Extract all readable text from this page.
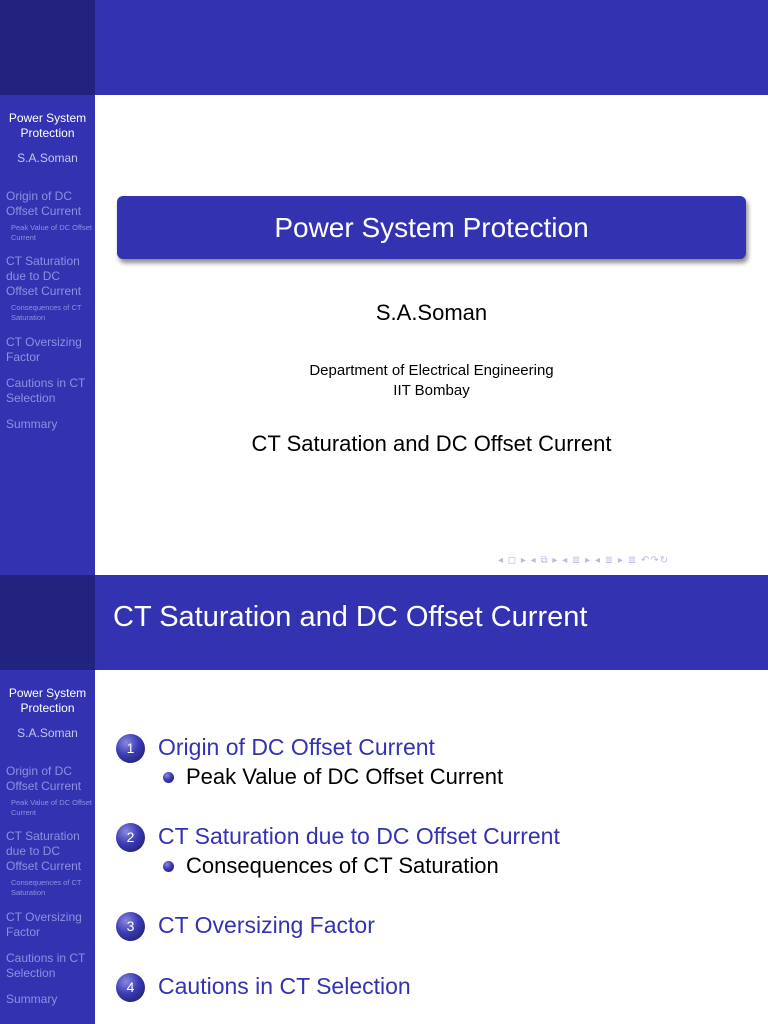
Power System Protection
S.A.Soman
Origin of DC Offset Current
Peak Value of DC Offset Current
CT Saturation due to DC Offset Current
Consequences of CT Saturation
CT Oversizing Factor
Cautions in CT Selection
Summary
Power System Protection
S.A.Soman
Department of Electrical Engineering
IIT Bombay
CT Saturation and DC Offset Current
◂ ◻ ▸ ◂ ⧉ ▸ ◂ ≣ ▸ ◂ ≣ ▸ ≣ ↶↷↻
CT Saturation and DC Offset Current
Power System Protection
S.A.Soman
Origin of DC Offset Current
Peak Value of DC Offset Current
CT Saturation due to DC Offset Current
Consequences of CT Saturation
CT Oversizing Factor
Cautions in CT Selection
Summary
1	Origin of DC Offset Current
Peak Value of DC Offset Current
2	CT Saturation due to DC Offset Current
Consequences of CT Saturation
3	CT Oversizing Factor
4	Cautions in CT Selection
